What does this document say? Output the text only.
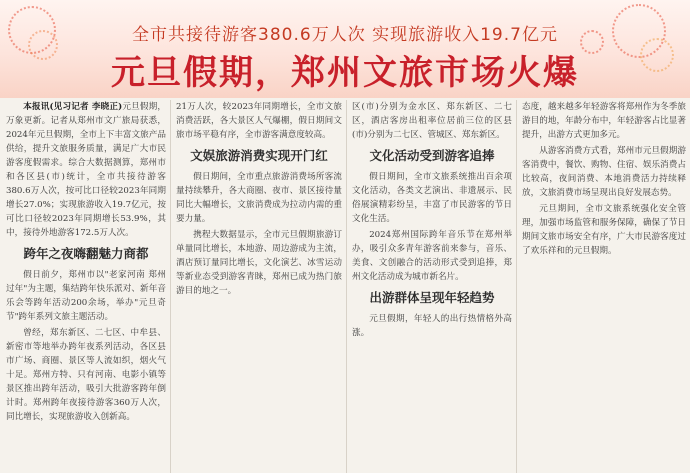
全市共接待游客380.6万人次 实现旅游收入19.7亿元
元旦假期，郑州文旅市场火爆

本报讯(见习记者 李晓正)元旦假期，万象更新。记者从郑州市文广旅局获悉，2024年元旦假期，全市上下丰富文旅产品供给，提升文旅服务质量，满足广大市民游客度假需求。综合大数据测算，郑州市和各区县(市)统计，全市共接待游客380.6万人次，按可比口径较2023年同期增长27.0%；实现旅游收入19.7亿元，按可比口径较2023年同期增长53.9%，其中，接待外地游客172.5万人次。

跨年之夜嗨翻魅力商都

假日前夕，郑州市以"老家河南 郑州过年"为主题，集结跨年快乐派对、新年音乐会等跨年活动200余场，举办"元旦奇节"跨年系列文旅主题活动。

曾经，郑东新区、二七区、中牟县、新密市等地举办跨年夜系列活动，各区县市广场、商圈、景区等人流如织，烟火气十足。郑州方特、只有河南、电影小镇等景区推出跨年活动，吸引大批游客跨年倒计时。郑州跨年夜接待游客360万人次，同比增长，实现旅游收入创新高。

21万人次，较2023年同期增长，全市文旅消费活跃，各大景区人气爆棚，假日期间文旅市场平稳有序，全市游客满意度较高。

文娱旅游消费实现开门红

假日期间，全市重点旅游消费场所客流量持续攀升，各大商圈、夜市、景区接待量同比大幅增长，文旅消费成为拉动内需的重要力量。

携程大数据显示，全市元旦假期旅游订单量同比增长，本地游、周边游成为主流，酒店预订量同比增长，文化演艺、冰雪运动等新业态受到游客青睐，郑州已成为热门旅游目的地之一。

区(市)分别为金水区、郑东新区、二七区，酒店客房出租率位居前三位的区县(市)分别为二七区、管城区、郑东新区。

文化活动受到游客追捧

假日期间，全市文旅系统推出百余项文化活动，各类文艺演出、非遗展示、民俗展演精彩纷呈，丰富了市民游客的节日文化生活。

2024郑州国际跨年音乐节在郑州举办，吸引众多青年游客前来参与，音乐、美食、文创融合的活动形式受到追捧，郑州文化活动成为城市新名片。

出游群体呈现年轻趋势

元旦假期，年轻人的出行热情格外高涨。

态度，越来越多年轻游客将郑州作为冬季旅游目的地，年龄分布中，年轻游客占比显著提升，出游方式更加多元。

从游客消费方式看，郑州市元旦假期游客消费中，餐饮、购物、住宿、娱乐消费占比较高，夜间消费、本地消费活力持续释放，文旅消费市场呈现出良好发展态势。

元旦期间，全市文旅系统强化安全管理，加强市场监管和服务保障，确保了节日期间文旅市场安全有序，广大市民游客度过了欢乐祥和的元旦假期。
